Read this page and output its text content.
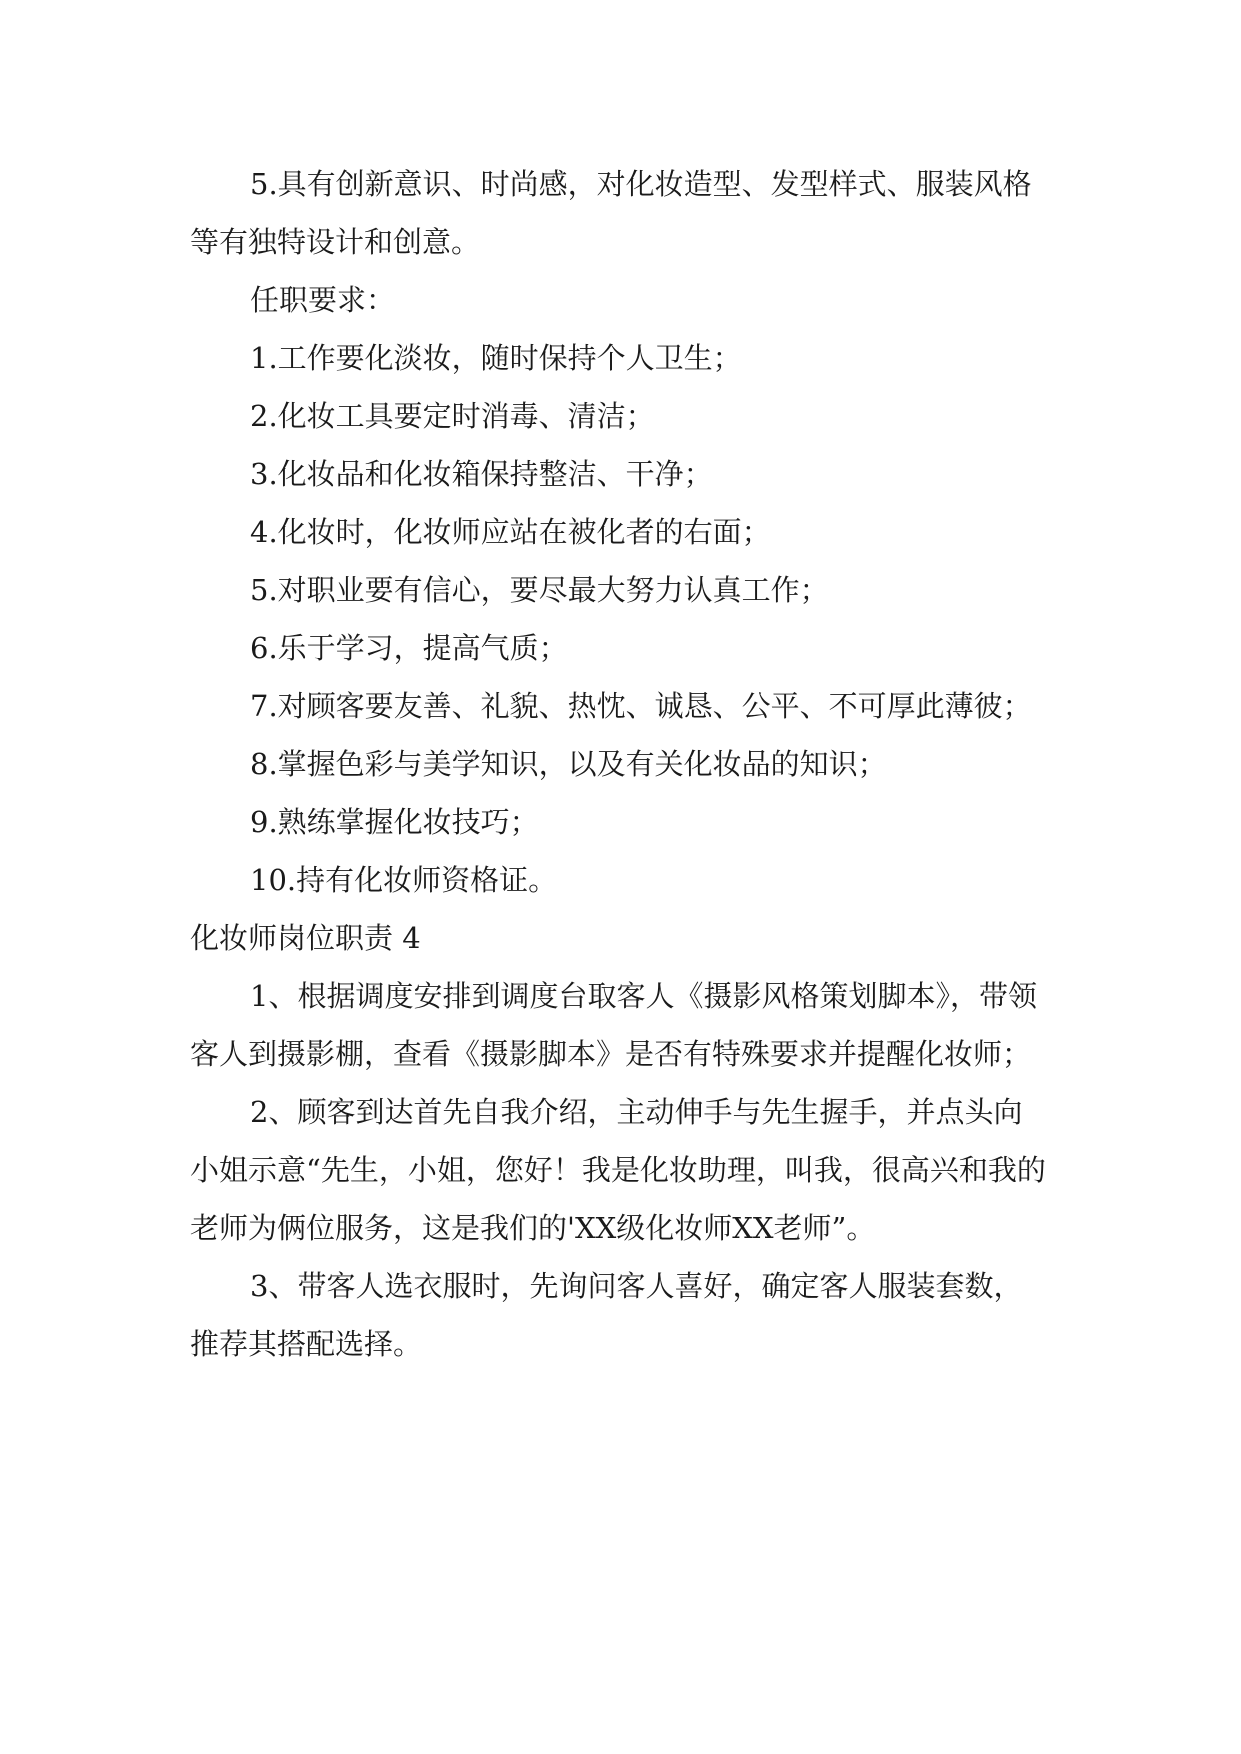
5.具有创新意识、时尚感，对化妆造型、发型样式、服装风格等有独特设计和创意。

任职要求：

1.工作要化淡妆，随时保持个人卫生；

2.化妆工具要定时消毒、清洁；

3.化妆品和化妆箱保持整洁、干净；

4.化妆时，化妆师应站在被化者的右面；

5.对职业要有信心，要尽最大努力认真工作；

6.乐于学习，提高气质；

7.对顾客要友善、礼貌、热忱、诚恳、公平、不可厚此薄彼；

8.掌握色彩与美学知识，以及有关化妆品的知识；

9.熟练掌握化妆技巧；

10.持有化妆师资格证。

化妆师岗位职责 4

1、根据调度安排到调度台取客人《摄影风格策划脚本》，带领客人到摄影棚，查看《摄影脚本》是否有特殊要求并提醒化妆师；

2、顾客到达首先自我介绍，主动伸手与先生握手，并点头向小姐示意“先生，小姐，您好！我是化妆助理，叫我，很高兴和我的老师为俩位服务，这是我们的'XX级化妆师XX老师”。

3、带客人选衣服时，先询问客人喜好，确定客人服装套数，推荐其搭配选择。
